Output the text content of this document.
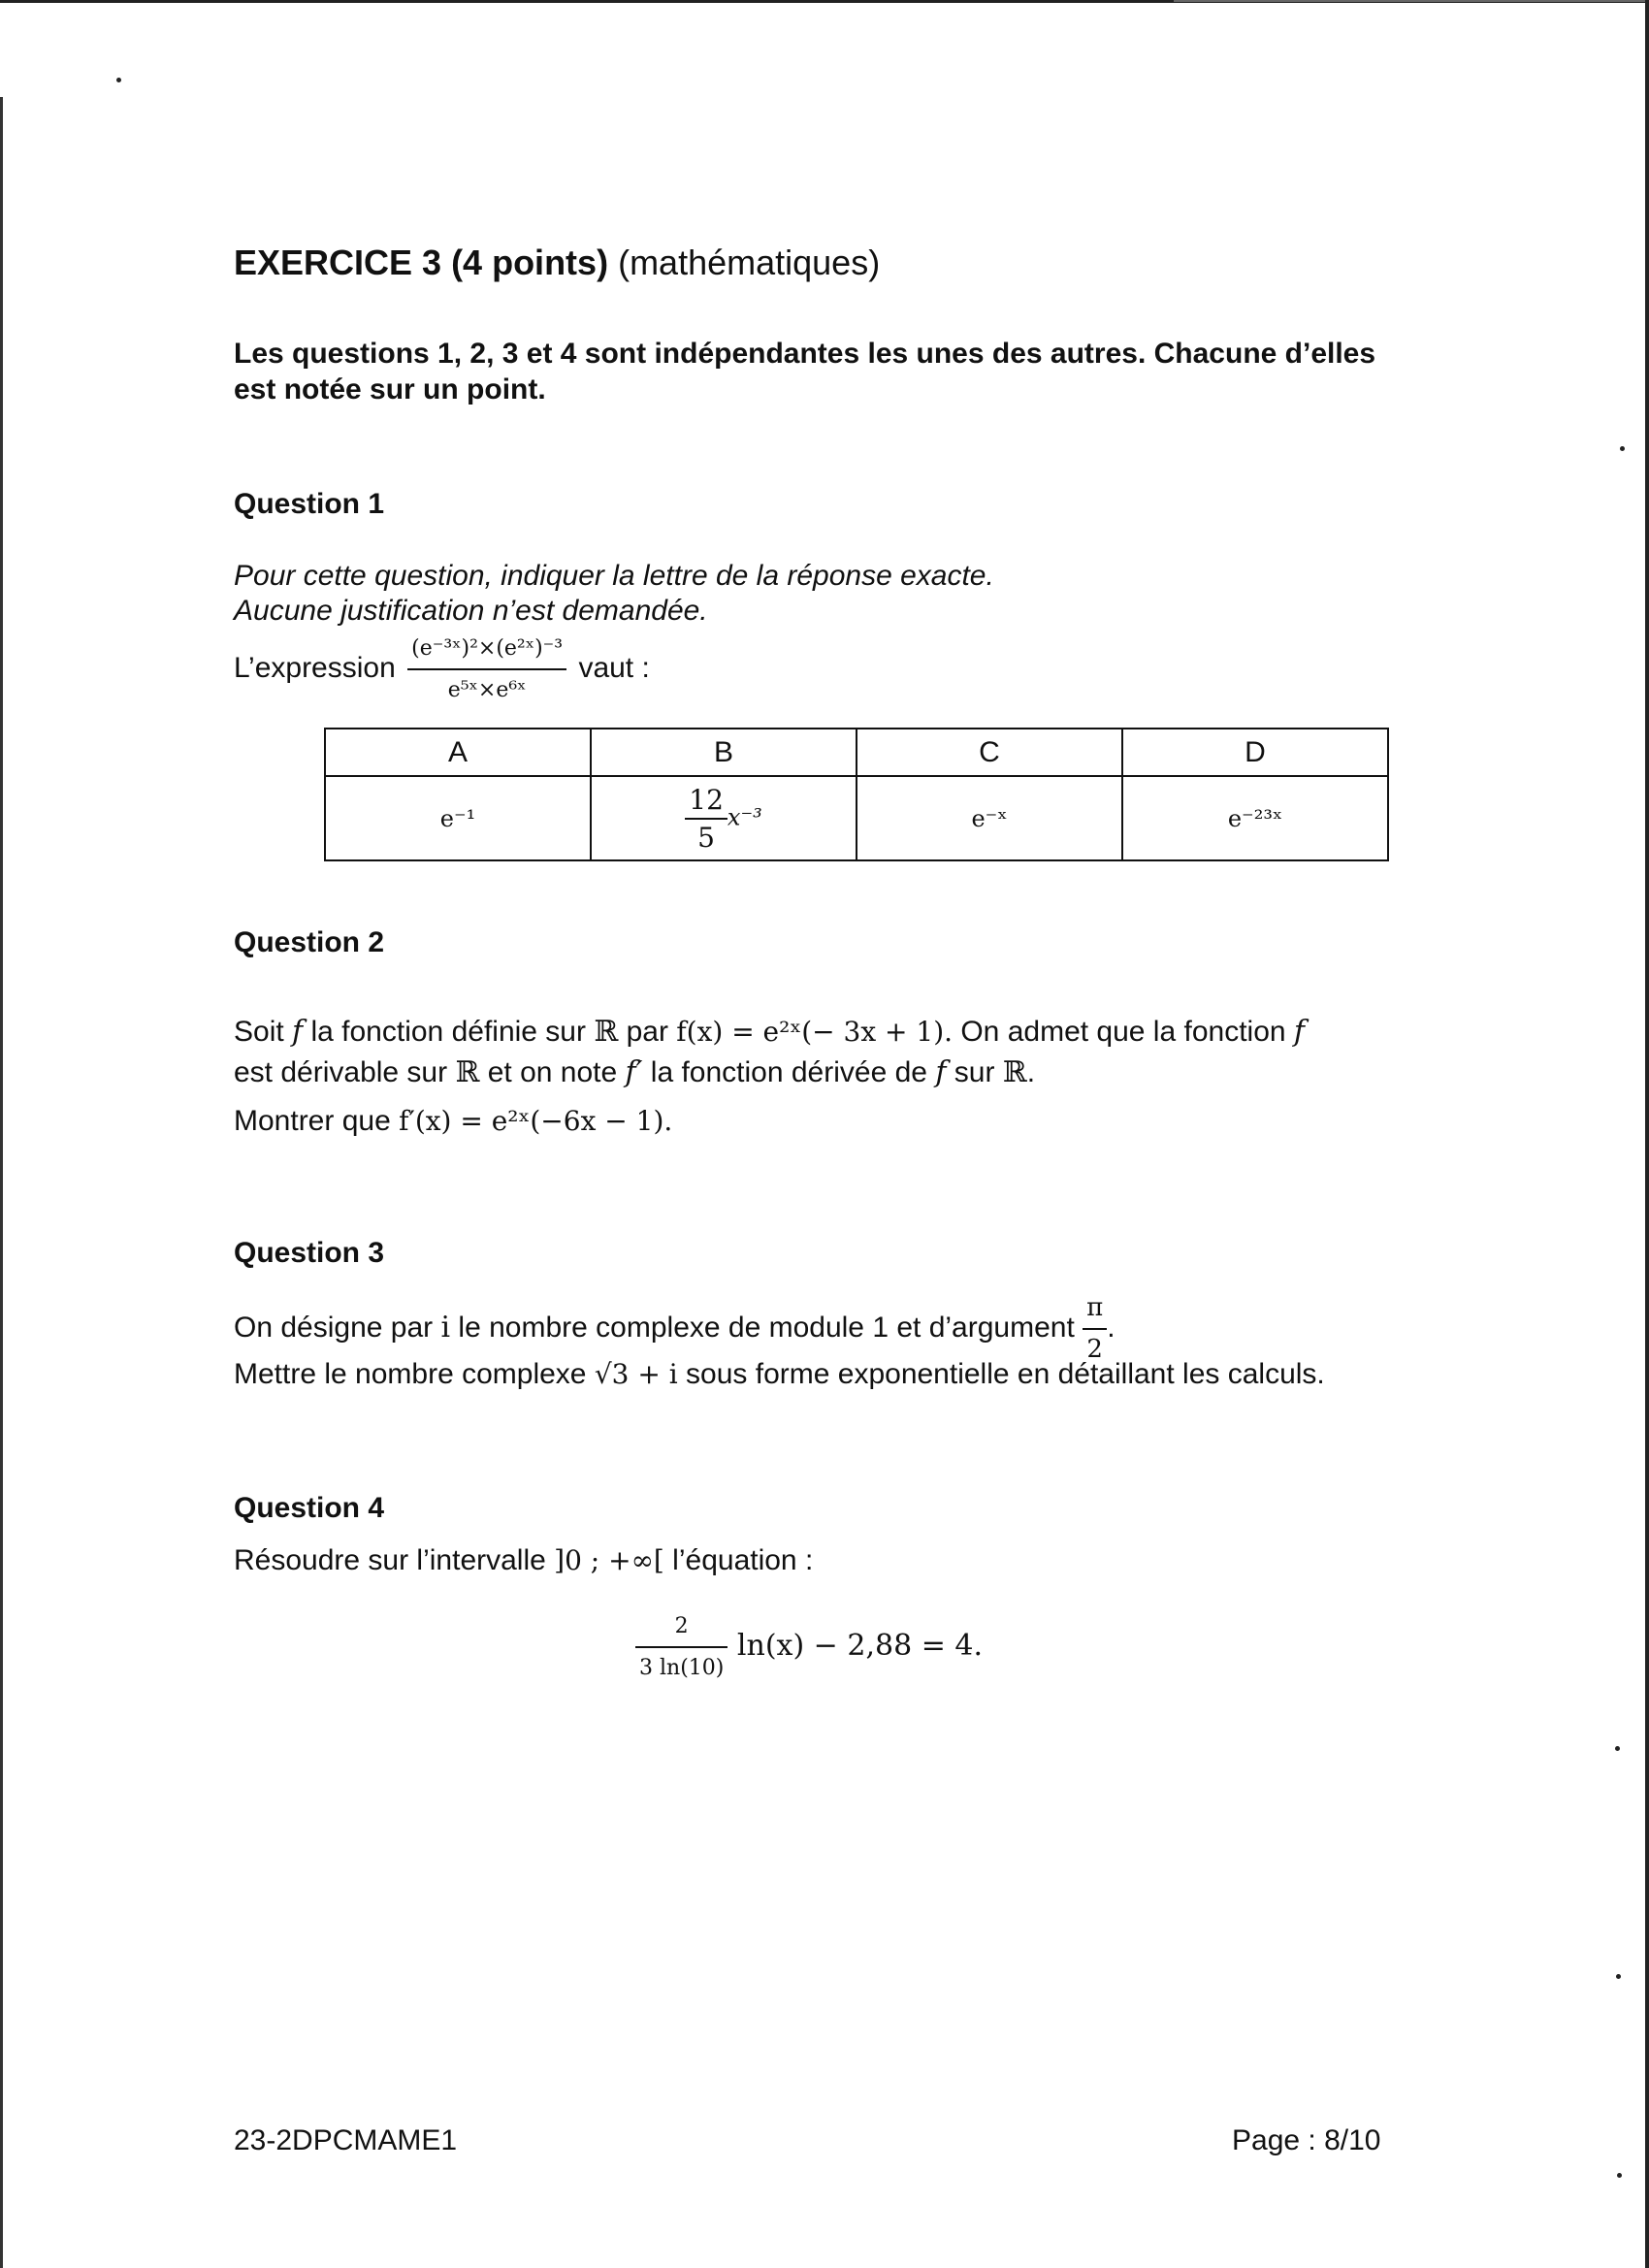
EXERCICE 3 (4 points) (mathématiques)
Les questions 1, 2, 3 et 4 sont indépendantes les unes des autres. Chacune d’elles est notée sur un point.
Question 1
Pour cette question, indiquer la lettre de la réponse exacte.
Aucune justification n’est demandée.
L’expression $\frac{\text{(e⁻³ˣ)²×(e²ˣ)⁻³}}{\text{e⁵ˣ×e⁶ˣ}}$ vaut :
A	B	C	D
e⁻¹	$\frac{12}{5} x^{-3}$	e⁻ˣ	e⁻²³ˣ
Question 2
Soit f la fonction définie sur ℝ par f(x) = e²ˣ(− 3x + 1). On admet que la fonction f
est dérivable sur ℝ et on note f′ la fonction dérivée de f sur ℝ.
Montrer que f′(x) = e²ˣ(−6x − 1).
Question 3
On désigne par i le nombre complexe de module 1 et d’argument $\frac{\pi}{2}$ .
Mettre le nombre complexe √3 + i sous forme exponentielle en détaillant les calculs.
Question 4
Résoudre sur l’intervalle ]0 ; +∞[ l’équation :
$\frac{2}{3 \ln(10)} \ln(x) - 2,88 = 4$.
23-2DPCMAME1	Page : 8/10
